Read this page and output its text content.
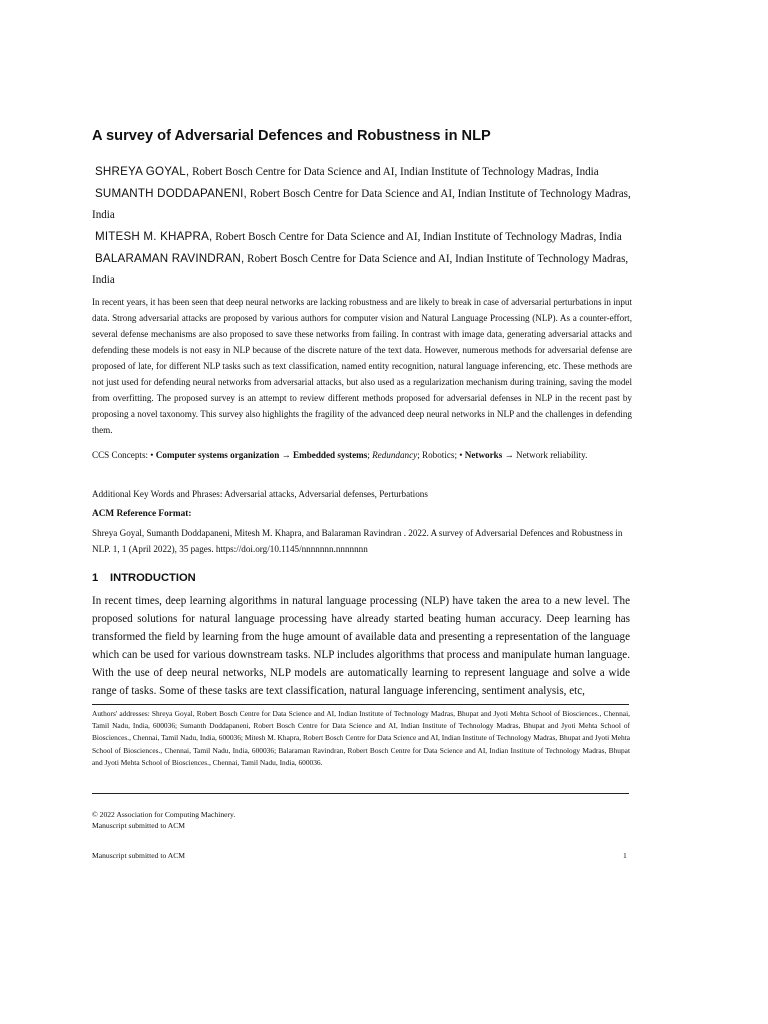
A survey of Adversarial Defences and Robustness in NLP

SHREYA GOYAL, Robert Bosch Centre for Data Science and AI, Indian Institute of Technology Madras, India

SUMANTH DODDAPANENI, Robert Bosch Centre for Data Science and AI, Indian Institute of Technology Madras, India

MITESH M. KHAPRA, Robert Bosch Centre for Data Science and AI, Indian Institute of Technology Madras, India

BALARAMAN RAVINDRAN, Robert Bosch Centre for Data Science and AI, Indian Institute of Technology Madras, India

In recent years, it has been seen that deep neural networks are lacking robustness and are likely to break in case of adversarial perturbations in input data. Strong adversarial attacks are proposed by various authors for computer vision and Natural Language Processing (NLP). As a counter-effort, several defense mechanisms are also proposed to save these networks from failing. In contrast with image data, generating adversarial attacks and defending these models is not easy in NLP because of the discrete nature of the text data. However, numerous methods for adversarial defense are proposed of late, for different NLP tasks such as text classification, named entity recognition, natural language inferencing, etc. These methods are not just used for defending neural networks from adversarial attacks, but also used as a regularization mechanism during training, saving the model from overfitting. The proposed survey is an attempt to review different methods proposed for adversarial defenses in NLP in the recent past by proposing a novel taxonomy. This survey also highlights the fragility of the advanced deep neural networks in NLP and the challenges in defending them.

CCS Concepts: • Computer systems organization → Embedded systems; Redundancy; Robotics; • Networks → Network reliability.

Additional Key Words and Phrases: Adversarial attacks, Adversarial defenses, Perturbations

ACM Reference Format:

Shreya Goyal, Sumanth Doddapaneni, Mitesh M. Khapra, and Balaraman Ravindran . 2022. A survey of Adversarial Defences and Robustness in NLP. 1, 1 (April 2022), 35 pages. https://doi.org/10.1145/nnnnnnn.nnnnnnn

1 INTRODUCTION

In recent times, deep learning algorithms in natural language processing (NLP) have taken the area to a new level. The proposed solutions for natural language processing have already started beating human accuracy. Deep learning has transformed the field by learning from the huge amount of available data and presenting a representation of the language which can be used for various downstream tasks. NLP includes algorithms that process and manipulate human language. With the use of deep neural networks, NLP models are automatically learning to represent language and solve a wide range of tasks. Some of these tasks are text classification, natural language inferencing, sentiment analysis, etc,

Authors' addresses: Shreya Goyal, Robert Bosch Centre for Data Science and AI, Indian Institute of Technology Madras, Bhupat and Jyoti Mehta School of Biosciences., Chennai, Tamil Nadu, India, 600036; Sumanth Doddapaneni, Robert Bosch Centre for Data Science and AI, Indian Institute of Technology Madras, Bhupat and Jyoti Mehta School of Biosciences., Chennai, Tamil Nadu, India, 600036; Mitesh M. Khapra, Robert Bosch Centre for Data Science and AI, Indian Institute of Technology Madras, Bhupat and Jyoti Mehta School of Biosciences., Chennai, Tamil Nadu, India, 600036; Balaraman Ravindran, Robert Bosch Centre for Data Science and AI, Indian Institute of Technology Madras, Bhupat and Jyoti Mehta School of Biosciences., Chennai, Tamil Nadu, India, 600036.

© 2022 Association for Computing Machinery.

Manuscript submitted to ACM

Manuscript submitted to ACM	1
